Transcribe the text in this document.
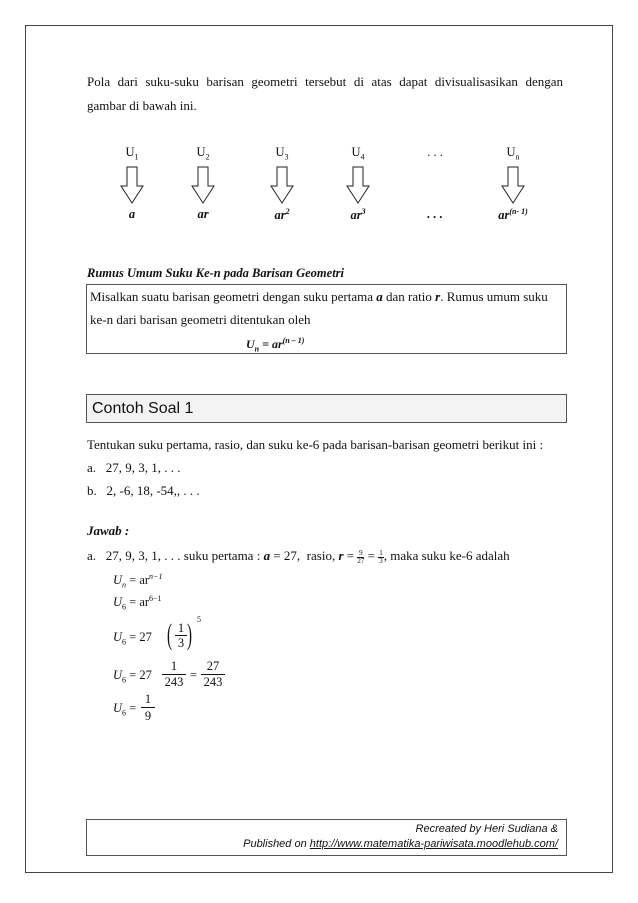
Pola dari suku-suku barisan geometri tersebut di atas dapat divisualisasikan dengan
gambar di bawah ini.
$U_1$
a
$U_2$
ar
$U_3$
$ar^2$
$U_4$
$ar^3$
. . .
. . .
$U_n$
$ar^{(n- 1)}$
Rumus Umum Suku Ke-n pada Barisan Geometri
Misalkan suatu barisan geometri dengan suku pertama a dan ratio r. Rumus umum suku
ke-n dari barisan geometri ditentukan oleh
$U_n = ar^{(n - 1)}$
Contoh Soal 1
Tentukan suku pertama, rasio, dan suku ke-6 pada barisan-barisan geometri berikut ini :
a. 27, 9, 3, 1, . . .
b. 2, -6, 18, -54,, . . .
Jawab :
a. 27, 9, 3, 1, . . . suku pertama : a = 27, rasio, $r = \frac{9}{27} = \frac{1}{3}$ , maka suku ke-6 adalah
$U_n = ar^{n-1}$
$U_6 = ar^{6-1}$
$U_6 = 27$ ( 1
3 ) 5
$U_6 = 27$
1
243 =
27
243
$U_6$ =
1
9
Recreated by Heri Sudiana &
Published on http://www.matematika-pariwisata.moodlehub.com/
